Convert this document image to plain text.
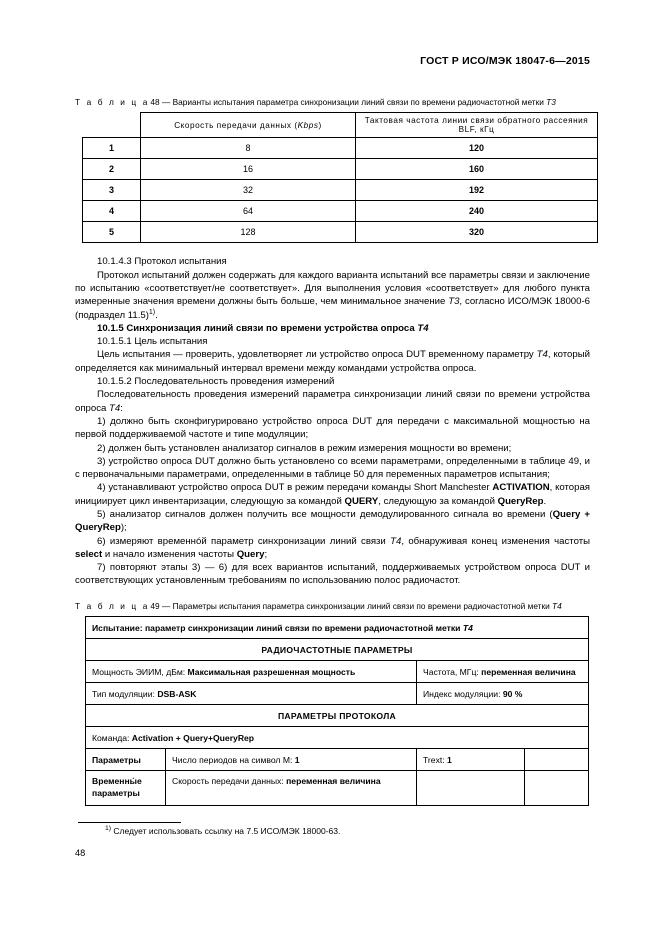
ГОСТ Р ИСО/МЭК 18047-6—2015
Т а б л и ц а48 — Варианты испытания параметра синхронизации линий связи по времени радиочастотной метки T3
	Скорость передачи данных (Kbps)	Тактовая частота линии связи обратного рассеяния BLF, кГц
1	8	120
2	16	160
3	32	192
4	64	240
5	128	320

10.1.4.3 Протокол испытания

Протокол испытаний должен содержать для каждого варианта испытаний все параметры связи и заключение по испытанию «соответствует/не соответствует». Для выполнения условия «соответствует» для любого пункта измеренные значения времени должны быть больше, чем минимальное значение T3, согласно ИСО/МЭК 18000-6 (подраздел 11.5)$^{1)}$.

10.1.5 Синхронизация линий связи по времени устройства опроса T4

10.1.5.1 Цель испытания

Цель испытания — проверить, удовлетворяет ли устройство опроса DUT временному параметру T4, который определяется как минимальный интервал времени между командами устройства опроса.

10.1.5.2 Последовательность проведения измерений

Последовательность проведения измерений параметра синхронизации линий связи по времени устройства опроса T4:

1) должно быть сконфигурировано устройство опроса DUT для передачи с максимальной мощностью на первой поддерживаемой частоте и типе модуляции;

2) должен быть установлен анализатор сигналов в режим измерения мощности во времени;

3) устройство опроса DUT должно быть установлено со всеми параметрами, определенными в таблице 49, и с первоначальными параметрами, определенными в таблице 50 для переменных параметров испытания;

4) устанавливают устройство опроса DUT в режим передачи команды Short Manchester ACTIVATION, которая инициирует цикл инвентаризации, следующую за командой QUERY, следующую за командой QueryRep.

5) анализатор сигналов должен получить все мощности демодулированного сигнала во времени (Query + QueryRep);

6) измеряют временнóй параметр синхронизации линий связи T4, обнаруживая конец изменения частоты select и начало изменения частоты Query;

7) повторяют этапы 3) — 6) для всех вариантов испытаний, поддерживаемых устройством опроса DUT и соответствующих установленным требованиям по использованию полос радиочастот.

Т а б л и ц а49 — Параметры испытания параметра синхронизации линий связи по времени радиочастотной метки T4
Испытание: параметр синхронизации линий связи по времени радиочастотной метки T4			
РАДИОЧАСТОТНЫЕ ПАРАМЕТРЫ			
Мощность ЭИИМ, дБм: Максимальная разрешенная мощность		Частота, МГц: переменная величина	
Тип модуляции: DSB-ASK		Индекс модуляции: 90 %	
ПАРАМЕТРЫ ПРОТОКОЛА			
Команда: Activation + Query+QueryRep			
Параметры	Число периодов на символ M: 1	Trext: 1	
Временны́е
параметры	Скорость передачи данных: переменная величина		
$^{1)}$ Следует использовать ссылку на 7.5 ИСО/МЭК 18000-63.
48
